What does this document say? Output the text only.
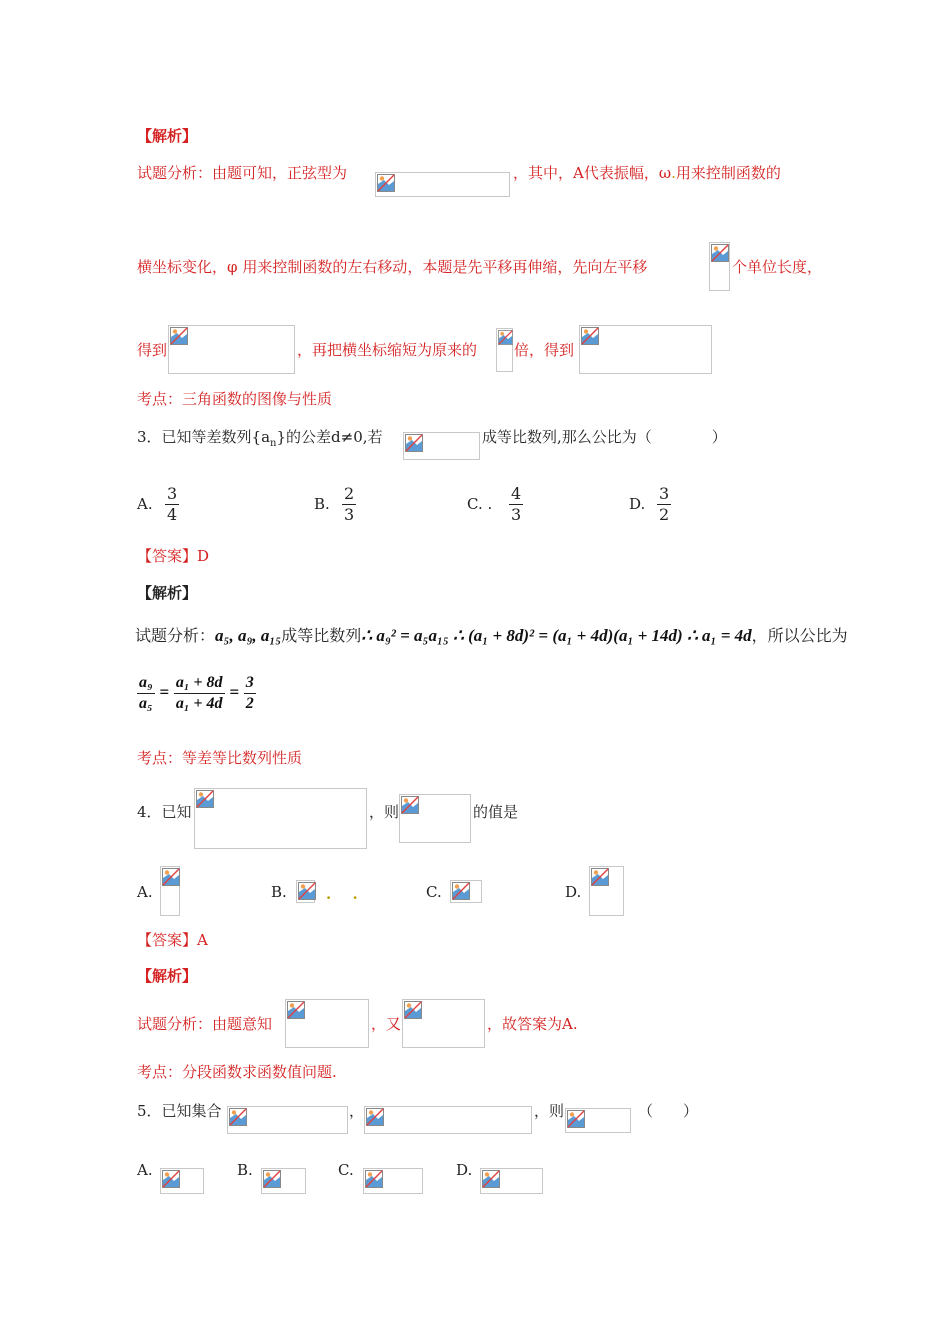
【解析】
试题分析：由题可知，正弦型为	，其中，A代表振幅，ω.用来控制函数的
横坐标变化，φ 用来控制函数的左右移动，本题是先平移再伸缩，先向左平移	个单位长度，
得到	，再把横坐标缩短为原来的 倍，得到
考点：三角函数的图像与性质
3．已知等差数列$\{a_n\}$的公差d≠0,若	成等比数列,那么公比为（　　　　）
A. $\frac{3}{4}$	B. $\frac{2}{3}$	C. . $\frac{4}{3}$	D. $\frac{3}{2}$
【答案】D
【解析】
试题分析：a₅, a₉, a₁₅成等比数列∴ a₉² = a₅a₁₅ ∴ (a₁ + 8d)² = (a₁ + 4d)(a₁ + 14d) ∴ a₁ = 4d，所以公比为
$\frac{\text{a₉}}{\text{a₅}} = \frac{\text{a₁ + 8d}}{\text{a₁ + 4d}} = \frac{3}{2}$
考点：等差等比数列性质
4．已知	，则	的值是
A.	B.	. .	C.	D.
【答案】A
【解析】
试题分析：由题意知	，又	，故答案为A.
考点：分段函数求函数值问题.
5．已知集合	，	，则	（　　）
A.	B.	C.	D.
